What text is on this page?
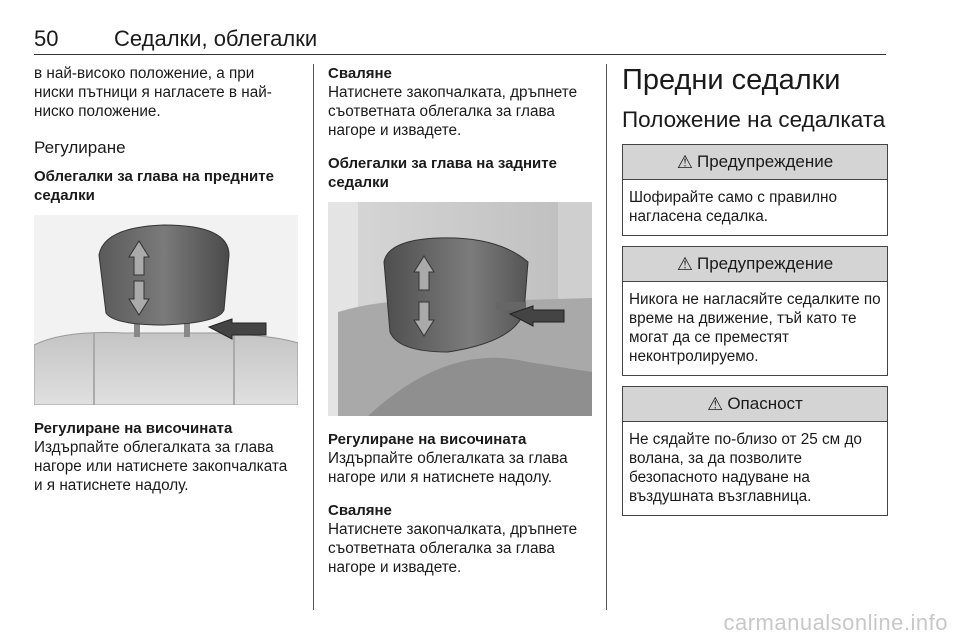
50	Седалки, облегалки

в най-високо положение, а при ниски пътници я нагласете в най-ниско положение.

Регулиране

Облегалки за глава на предните седалки

Регулиране на височината

Издърпайте облегалката за глава нагоре или натиснете закопчалката и я натиснете надолу.

Сваляне

Натиснете закопчалката, дръпнете съответната облегалка за глава нагоре и извадете.

Облегалки за глава на задните седалки

Регулиране на височината

Издърпайте облегалката за глава нагоре или я натиснете надолу.

Сваляне

Натиснете закопчалката, дръпнете съответната облегалка за глава нагоре и извадете.

Предни седалки

Положение на седалката

⚠ Предупреждение
Шофирайте само с правилно нагласена седалка.
⚠ Предупреждение
Никога не нагласяйте седалките по време на движение, тъй като те могат да се преместят неконтролируемо.
⚠ Опасност
Не сядайте по-близо от 25 см до волана, за да позволите безопасното надуване на въздушната възглавница.
carmanualsonline.info
